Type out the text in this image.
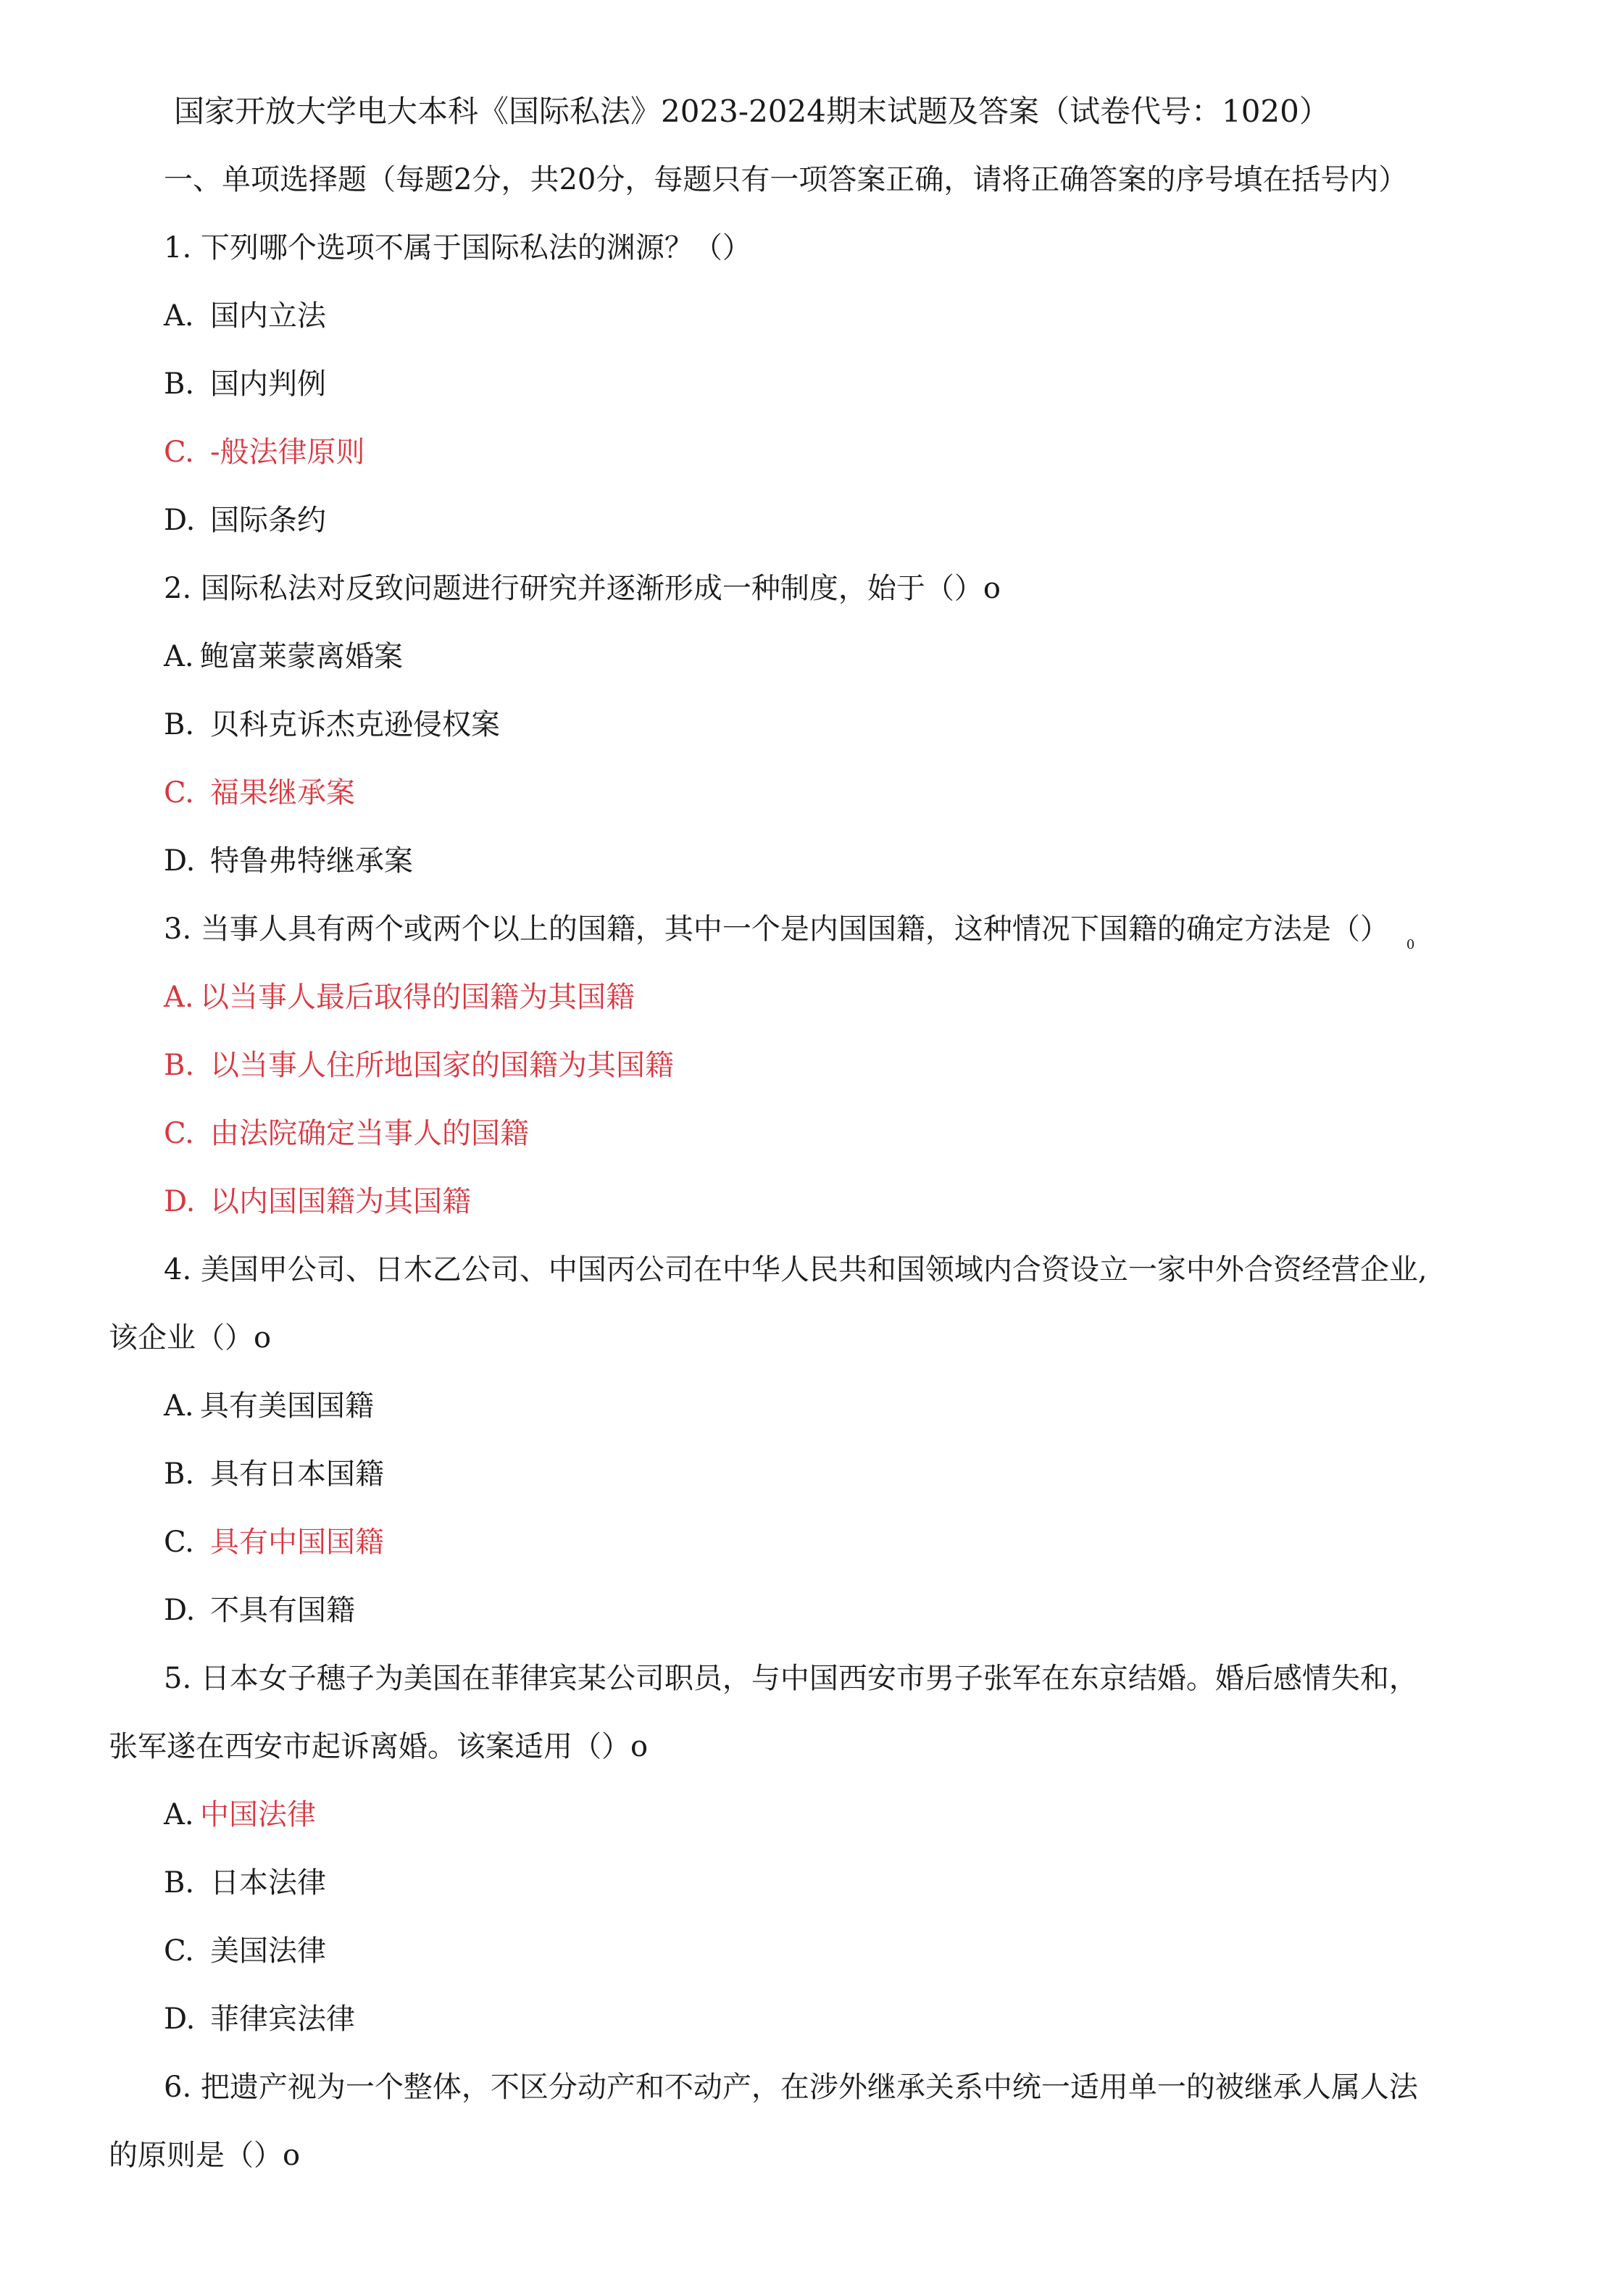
国家开放大学电大本科《国际私法》2023-2024期末试题及答案（试卷代号：1020）
一、单项选择题（每题2分，共20分，每题只有一项答案正确，请将正确答案的序号填在括号内）
1. 下列哪个选项不属于国际私法的渊源？（）
A. 国内立法
B. 国内判例
C. -般法律原则
D. 国际条约
2. 国际私法对反致问题进行研究并逐渐形成一种制度，始于（）o
A. 鲍富莱蒙离婚案
B. 贝科克诉杰克逊侵权案
C. 福果继承案
D. 特鲁弗特继承案
3. 当事人具有两个或两个以上的国籍，其中一个是内国国籍，这种情况下国籍的确定方法是（） $_0$
A. 以当事人最后取得的国籍为其国籍
B. 以当事人住所地国家的国籍为其国籍
C. 由法院确定当事人的国籍
D. 以内国国籍为其国籍
4. 美国甲公司、日木乙公司、中国丙公司在中华人民共和国领域内合资设立一家中外合资经营企业,
该企业（）o
A. 具有美国国籍
B. 具有日本国籍
C. 具有中国国籍
D. 不具有国籍
5. 日本女子穗子为美国在菲律宾某公司职员，与中国西安市男子张军在东京结婚。婚后感情失和，
张军遂在西安市起诉离婚。该案适用（）o
A. 中国法律
B. 日本法律
C. 美国法律
D. 菲律宾法律
6. 把遗产视为一个整体，不区分动产和不动产，在涉外继承关系中统一适用单一的被继承人属人法
的原则是（）o
